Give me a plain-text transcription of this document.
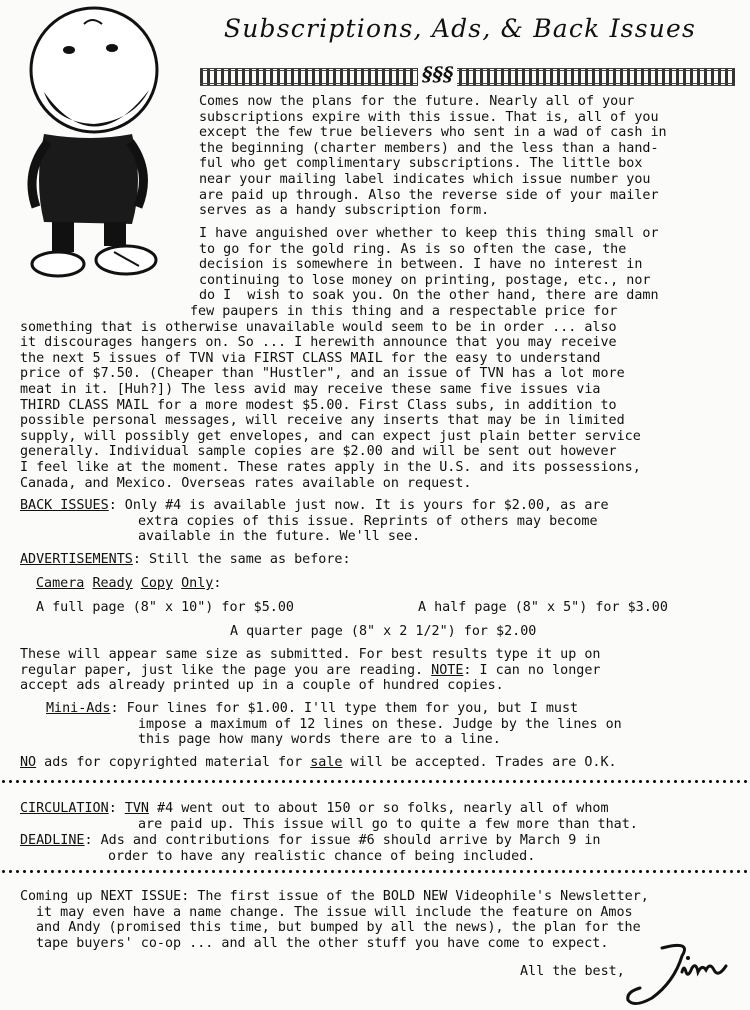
Subscriptions, Ads, & Back Issues
§§§

Comes now the plans for the future. Nearly all of your

subscriptions expire with this issue. That is, all of you

except the few true believers who sent in a wad of cash in

the beginning (charter members) and the less than a hand-

ful who get complimentary subscriptions. The little box

near your mailing label indicates which issue number you

are paid up through. Also the reverse side of your mailer

serves as a handy subscription form.

I have anguished over whether to keep this thing small or

to go for the gold ring. As is so often the case, the

decision is somewhere in between. I have no interest in

continuing to lose money on printing, postage, etc., nor

do I  wish to soak you. On the other hand, there are damn

few paupers in this thing and a respectable price for

something that is otherwise unavailable would seem to be in order ... also

it discourages hangers on. So ... I herewith announce that you may receive

the next 5 issues of TVN via FIRST CLASS MAIL for the easy to understand

price of $7.50. (Cheaper than "Hustler", and an issue of TVN has a lot more

meat in it. [Huh?]) The less avid may receive these same five issues via

THIRD CLASS MAIL for a more modest $5.00. First Class subs, in addition to

possible personal messages, will receive any inserts that may be in limited

supply, will possibly get envelopes, and can expect just plain better service

generally. Individual sample copies are $2.00 and will be sent out however

I feel like at the moment. These rates apply in the U.S. and its possessions,

Canada, and Mexico. Overseas rates available on request.

BACK ISSUES: Only #4 is available just now. It is yours for $2.00, as are

extra copies of this issue. Reprints of others may become

available in the future. We'll see.

ADVERTISEMENTS: Still the same as before:

Camera Ready Copy Only:

A full page (8" x 10") for $5.00	A half page (8" x 5") for $3.00

A quarter page (8" x 2 1/2") for $2.00

These will appear same size as submitted. For best results type it up on

regular paper, just like the page you are reading. NOTE: I can no longer

accept ads already printed up in a couple of hundred copies.

Mini-Ads: Four lines for $1.00. I'll type them for you, but I must

impose a maximum of 12 lines on these. Judge by the lines on

this page how many words there are to a line.

NO ads for copyrighted material for sale will be accepted. Trades are O.K.

CIRCULATION: TVN #4 went out to about 150 or so folks, nearly all of whom

are paid up. This issue will go to quite a few more than that.

DEADLINE: Ads and contributions for issue #6 should arrive by March 9 in

order to have any realistic chance of being included.

Coming up NEXT ISSUE: The first issue of the BOLD NEW Videophile's Newsletter,

it may even have a name change. The issue will include the feature on Amos

and Andy (promised this time, but bumped by all the news), the plan for the

tape buyers' co-op ... and all the other stuff you have come to expect.

All the best,
